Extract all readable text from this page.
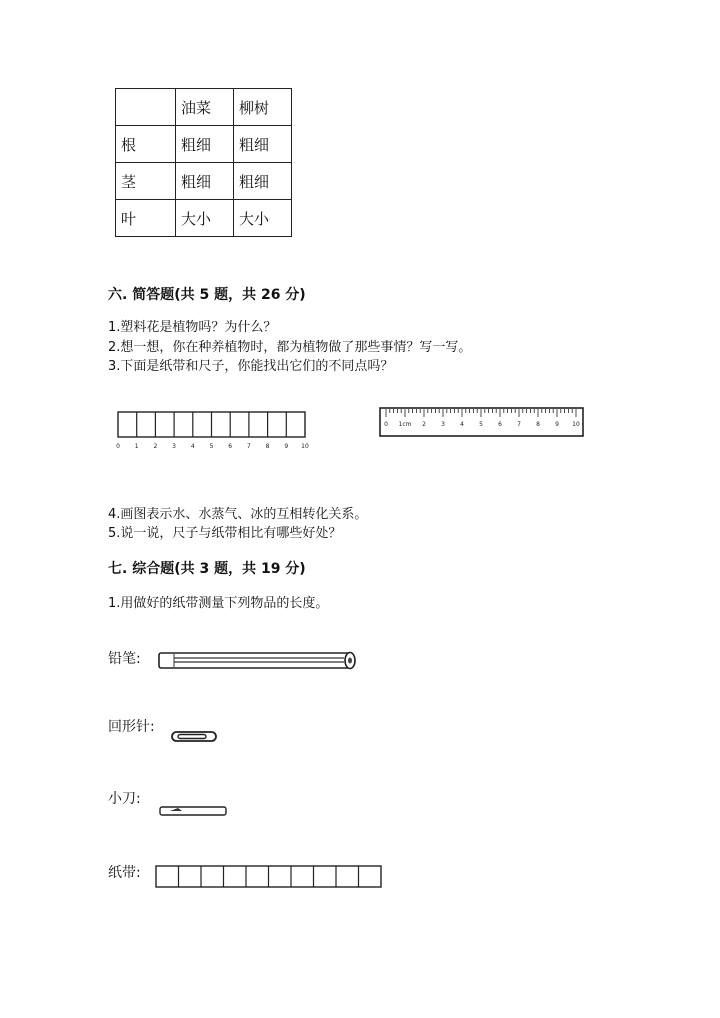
	油菜	柳树
根	粗细	粗细
茎	粗细	粗细
叶	大小	大小
六. 简答题(共 5 题，共 26 分)
1.塑料花是植物吗？为什么？
2.想一想，你在种养植物时，都为植物做了那些事情？写一写。
3.下面是纸带和尺子，你能找出它们的不同点吗？
0 1 2 3 4 5 6 7 8 9 10
0 1cm 2	3	4	5	6	7	8	9 10
4.画图表示水、水蒸气、冰的互相转化关系。
5.说一说，尺子与纸带相比有哪些好处？
七. 综合题(共 3 题，共 19 分)
1.用做好的纸带测量下列物品的长度。
铅笔:
回形针:
小刀:
纸带:
